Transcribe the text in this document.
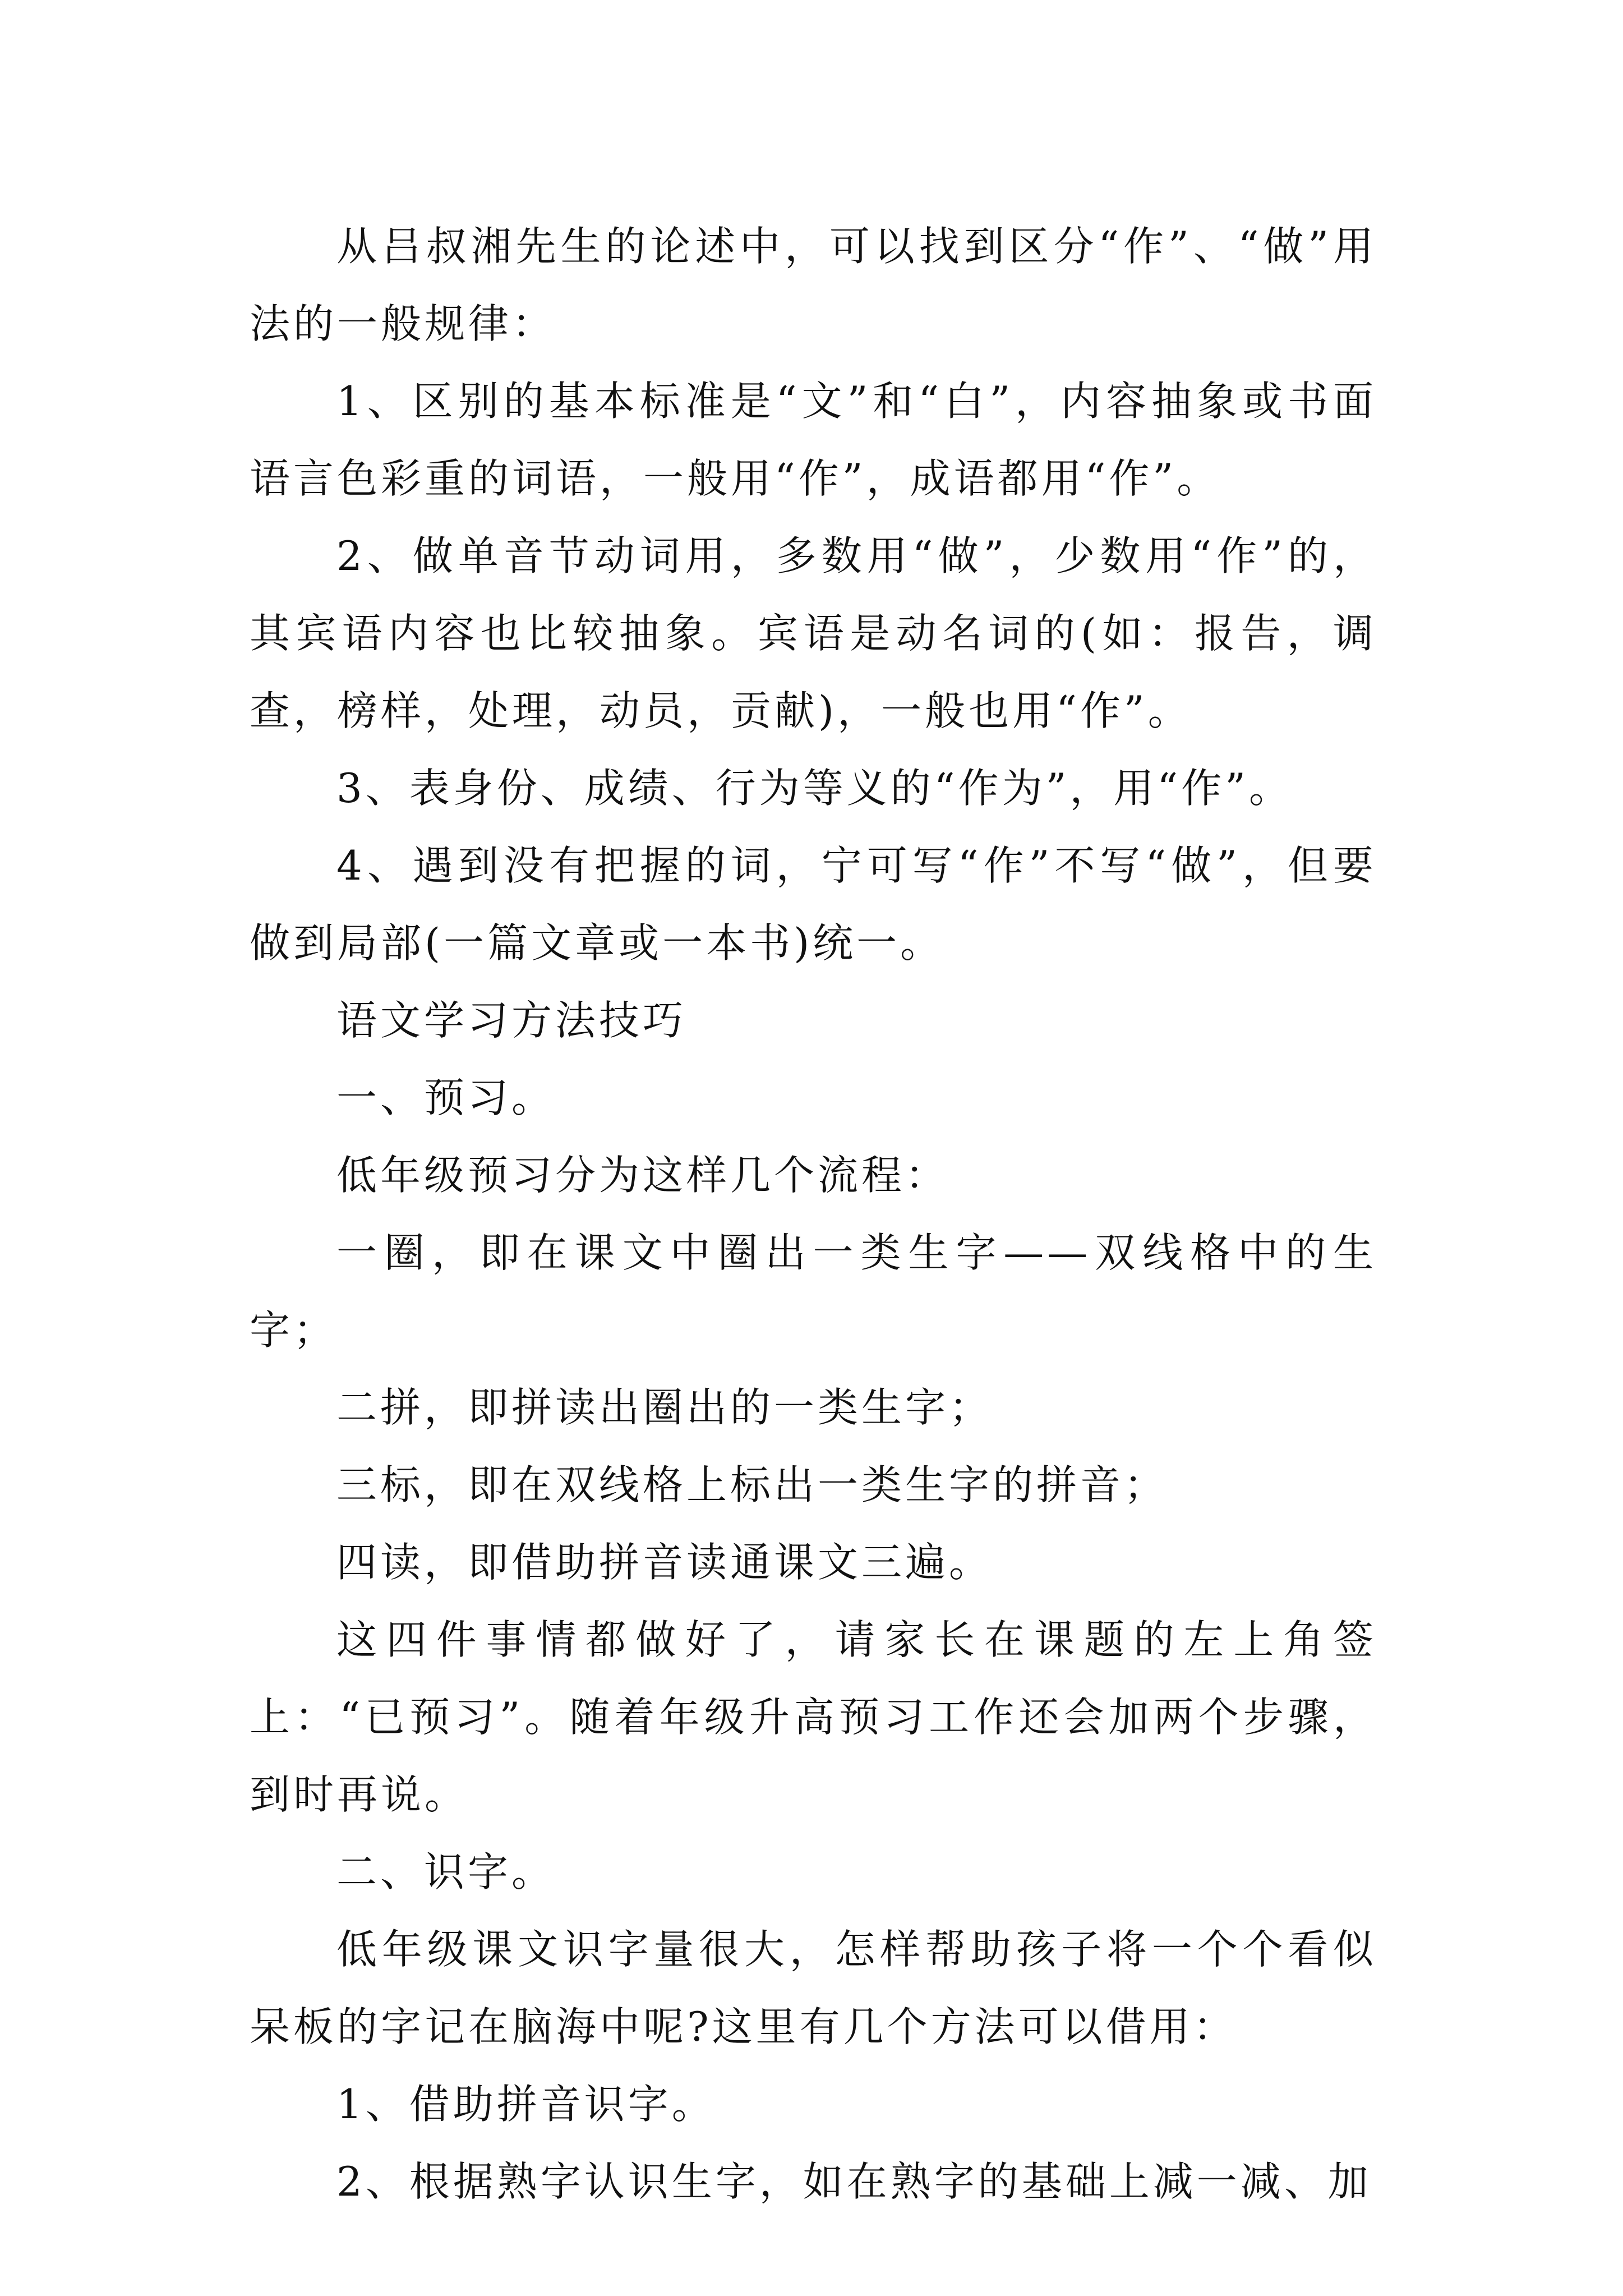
从吕叔湘先生的论述中，可以找到区分“作”、“做”用法的一般规律：

1、区别的基本标准是“文”和“白”，内容抽象或书面语言色彩重的词语，一般用“作”，成语都用“作”。

2、做单音节动词用，多数用“做”，少数用“作”的，其宾语内容也比较抽象。宾语是动名词的(如：报告，调查，榜样，处理，动员，贡献)，一般也用“作”。

3、表身份、成绩、行为等义的“作为”，用“作”。

4、遇到没有把握的词，宁可写“作”不写“做”，但要做到局部(一篇文章或一本书)统一。

语文学习方法技巧

一、预习。

低年级预习分为这样几个流程：

一圈，即在课文中圈出一类生字——双线格中的生字；

二拼，即拼读出圈出的一类生字；

三标，即在双线格上标出一类生字的拼音；

四读，即借助拼音读通课文三遍。

这四件事情都做好了，请家长在课题的左上角签上：“已预习”。随着年级升高预习工作还会加两个步骤，到时再说。

二、识字。

低年级课文识字量很大，怎样帮助孩子将一个个看似呆板的字记在脑海中呢?这里有几个方法可以借用：

1、借助拼音识字。

2、根据熟字认识生字，如在熟字的基础上减一减、加
